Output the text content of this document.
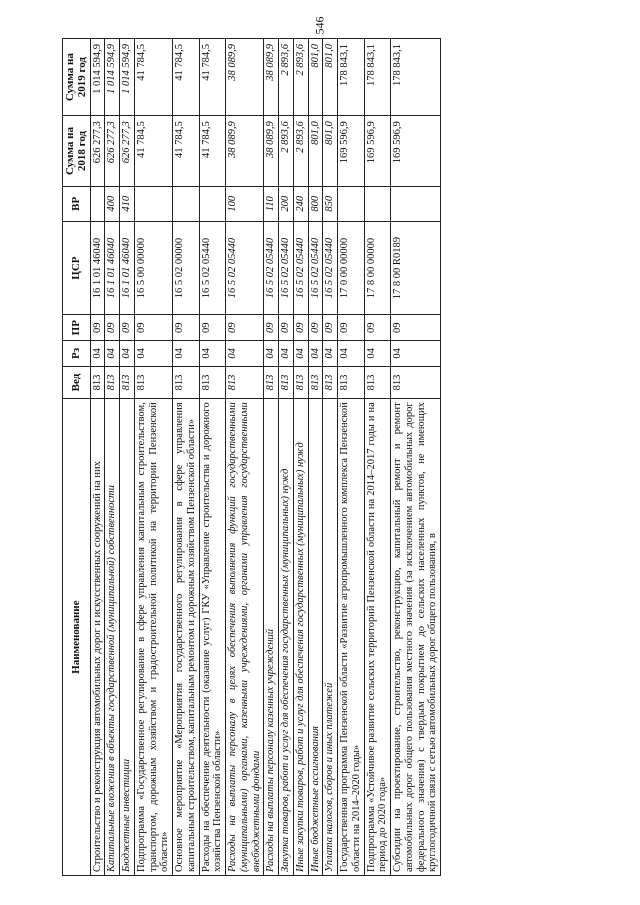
546
Наименование	Вед	Рз	ПР	ЦСР	ВР	Сумма на 2018 год	Сумма на 2019 год
Строительство и реконструкция автомобильных дорог и искусственных сооружений на них	813	04	09	16 1 01 46040		626 277,3	1 014 594,9
Капитальные вложения в объекты государственной (муниципальной) собственности	813	04	09	16 1 01 46040	400	626 277,3	1 014 594,9
Бюджетные инвестиции	813	04	09	16 1 01 46040	410	626 277,3	1 014 594,9
Подпрограмма «Государственное регулирование в сфере управления капитальным строительством, транспортом, дорожным хозяйством и градостроительной политикой на территории Пензенской области»	813	04	09	16 5 00 00000		41 784,5	41 784,5
Основное мероприятие «Мероприятия государственного регулирования в сфере управления капитальным строительством, капитальным ремонтом и дорожным хозяйством Пензенской области»	813	04	09	16 5 02 00000		41 784,5	41 784,5
Расходы на обеспечение деятельности (оказание услуг) ГКУ «Управление строительства и дорожного хозяйства Пензенской области»	813	04	09	16 5 02 05440		41 784,5	41 784,5
Расходы на выплаты персоналу в целях обеспечения выполнения функций государственными (муниципальными) органами, казенными учреждениями, органами управления государственными внебюджетными фондами	813	04	09	16 5 02 05440	100	38 089,9	38 089,9
Расходы на выплаты персоналу казенных учреждений	813	04	09	16 5 02 05440	110	38 089,9	38 089,9
Закупка товаров, работ и услуг для обеспечения государственных (муниципальных) нужд	813	04	09	16 5 02 05440	200	2 893,6	2 893,6
Иные закупки товаров, работ и услуг для обеспечения государственных (муниципальных) нужд	813	04	09	16 5 02 05440	240	2 893,6	2 893,6
Иные бюджетные ассигнования	813	04	09	16 5 02 05440	800	801,0	801,0
Уплата налогов, сборов и иных платежей	813	04	09	16 5 02 05440	850	801,0	801,0
Государственная программа Пензенской области «Развитие агропромышленного комплекса Пензенской области на 2014–2020 годы»	813	04	09	17 0 00 00000		169 596,9	178 843,1
Подпрограмма «Устойчивое развитие сельских территорий Пензенской области на 2014–2017 годы и на период до 2020 года»	813	04	09	17 8 00 00000		169 596,9	178 843,1
Субсидии на проектирование, строительство, реконструкцию, капитальный ремонт и ремонт автомобильных дорог общего пользования местного значения (за исключением автомобильных дорог федерального значения) с твердым покрытием до сельских населенных пунктов, не имеющих круглогодичной связи с сетью автомобильных дорог общего пользования, в	813	04	09	17 8 00 R0189		169 596,9	178 843,1
